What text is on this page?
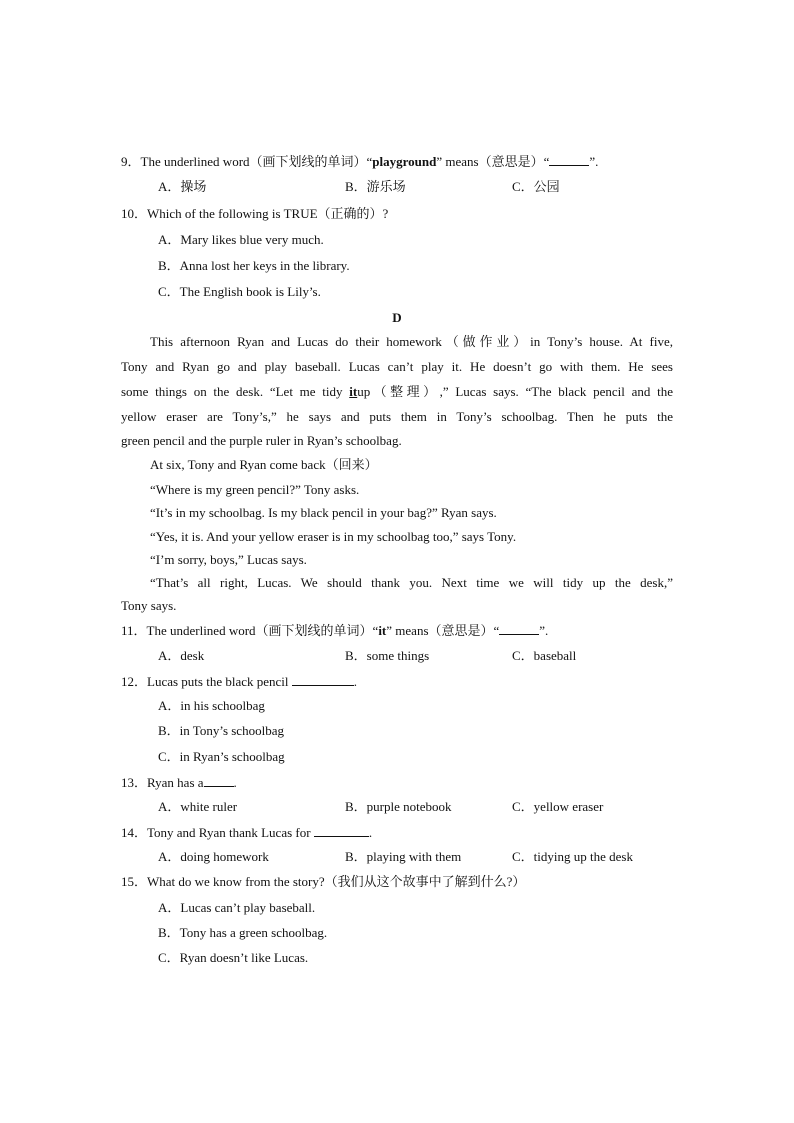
9．The underlined word（画下划线的单词）“playground” means（意思是）“	”.
A．操场	B．游乐场	C．公园
10．Which of the following is TRUE（正确的）?
A．Mary likes blue very much.
B．Anna lost her keys in the library.
C．The English book is Lily’s.
D
This afternoon Ryan and Lucas do their homework（做作业）in Tony’s house. At five,
Tony and Ryan go and play baseball. Lucas can’t play it. He doesn’t go with them. He sees
some things on the desk. “Let me tidy itup（整理）,” Lucas says. “The black pencil and the
yellow eraser are Tony’s,” he says and puts them in Tony’s schoolbag. Then he puts the
green pencil and the purple ruler in Ryan’s schoolbag.
At six, Tony and Ryan come back（回来）
“Where is my green pencil?” Tony asks.
“It’s in my schoolbag. Is my black pencil in your bag?” Ryan says.
“Yes, it is. And your yellow eraser is in my schoolbag too,” says Tony.
“I’m sorry, boys,” Lucas says.
“That’s all right, Lucas. We should thank you. Next time we will tidy up the desk,”
Tony says.
11．The underlined word（画下划线的单词）“it” means（意思是）“	”.
A．desk	B．some things	C．baseball
12．Lucas puts the black pencil	.
A．in his schoolbag
B．in Tony’s schoolbag
C．in Ryan’s schoolbag
13．Ryan has a .
A．white ruler	B．purple notebook	C．yellow eraser
14．Tony and Ryan thank Lucas for	.
A．doing homework	B．playing with them	C．tidying up the desk
15．What do we know from the story?（我们从这个故事中了解到什么?）
A．Lucas can’t play baseball.
B．Tony has a green schoolbag.
C．Ryan doesn’t like Lucas.
